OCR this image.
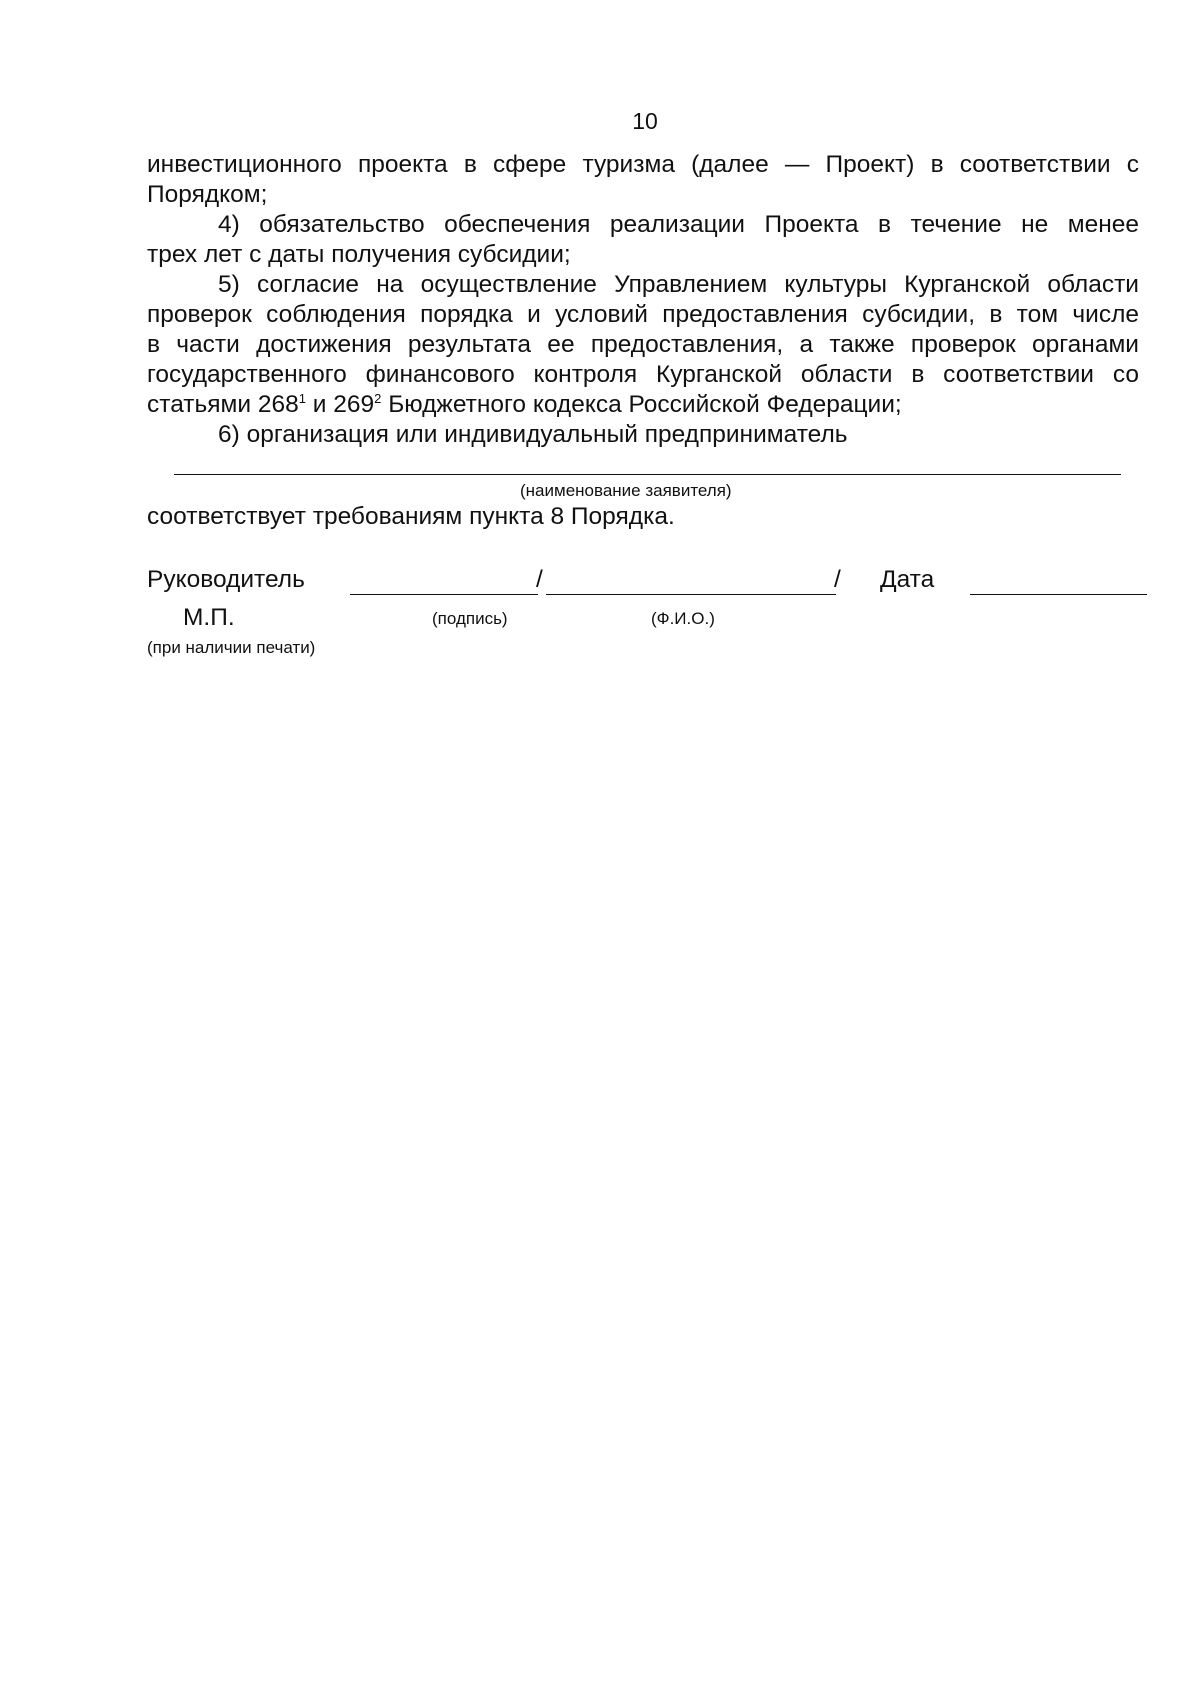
10
инвестиционного проекта в сфере туризма (далее — Проект) в соответствии с
Порядком;
4) обязательство обеспечения реализации Проекта в течение не менее
трех лет с даты получения субсидии;
5) согласие на осуществление Управлением культуры Курганской области
проверок соблюдения порядка и условий предоставления субсидии, в том числе
в части достижения результата ее предоставления, а также проверок органами
государственного финансового контроля Курганской области в соответствии со
статьями $268^1$ и $269^2$ Бюджетного кодекса Российской Федерации;
6) организация или индивидуальный предприниматель
(наименование заявителя)
соответствует требованиям пункта 8 Порядка.
Руководитель	/	/ Дата
М.П.	(подпись)	(Ф.И.О.)
(при наличии печати)
